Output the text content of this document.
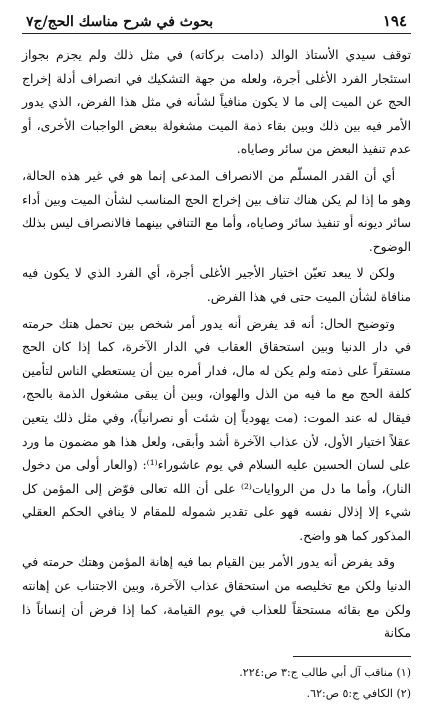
١٩٤
بحوث في شرح مناسك الحج/ج٧

توقف سيدي الأستاذ الوالد (دامت بركاته) في مثل ذلك ولم يجزم بجواز استئجار الفرد الأغلى أجرة، ولعله من جهة التشكيك في انصراف أدلة إخراج الحج عن الميت إلى ما لا يكون منافياً لشأنه في مثل هذا الفرض، الذي يدور الأمر فيه بين ذلك وبين بقاء ذمة الميت مشغولة ببعض الواجبات الأخرى، أو عدم تنفيذ البعض من سائر وصاياه.

أي أن القدر المسلّم من الانصراف المدعى إنما هو في غير هذه الحالة، وهو ما إذا لم يكن هناك تناف بين إخراج الحج المناسب لشأن الميت وبين أداء سائر ديونه أو تنفيذ سائر وصاياه، وأما مع التنافي بينهما فالانصراف ليس بذلك الوضوح.

ولكن لا يبعد تعيّن اختيار الأجير الأغلى أجرة، أي الفرد الذي لا يكون فيه منافاة لشأن الميت حتى في هذا الفرض.

وتوضيح الحال: أنه قد يفرض أنه يدور أمر شخص بين تحمل هتك حرمته في دار الدنيا وبين استحقاق العقاب في الدار الآخرة، كما إذا كان الحج مستقراً على ذمته ولم يكن له مال، فدار أمره بين أن يستعطي الناس لتأمين كلفة الحج مع ما فيه من الذل والهوان، وبين أن يبقى مشغول الذمة بالحج، فيقال له عند الموت: (مت يهودياً إن شئت أو نصرانياً)، وفي مثل ذلك يتعين عقلاً اختيار الأول، لأن عذاب الآخرة أشد وأبقى، ولعل هذا هو مضمون ما ورد على لسان الحسين عليه السلام في يوم عاشوراء⁽¹⁾: (والعار أولى من دخول النار)، وأما ما دل من الروايات⁽²⁾ على أن الله تعالى فوّض إلى المؤمن كل شيء إلا إذلال نفسه فهو على تقدير شموله للمقام لا ينافي الحكم العقلي المذكور كما هو واضح.

وقد يفرض أنه يدور الأمر بين القيام بما فيه إهانة المؤمن وهتك حرمته في الدنيا ولكن مع تخليصه من استحقاق عذاب الآخرة، وبين الاجتناب عن إهانته ولكن مع بقائه مستحقاً للعذاب في يوم القيامة، كما إذا فرض أن إنساناً ذا مكانة

(١) مناقب آل أبي طالب ج:٣ ص:٢٢٤.
(٢) الكافي ج:٥ ص:٦٢.
